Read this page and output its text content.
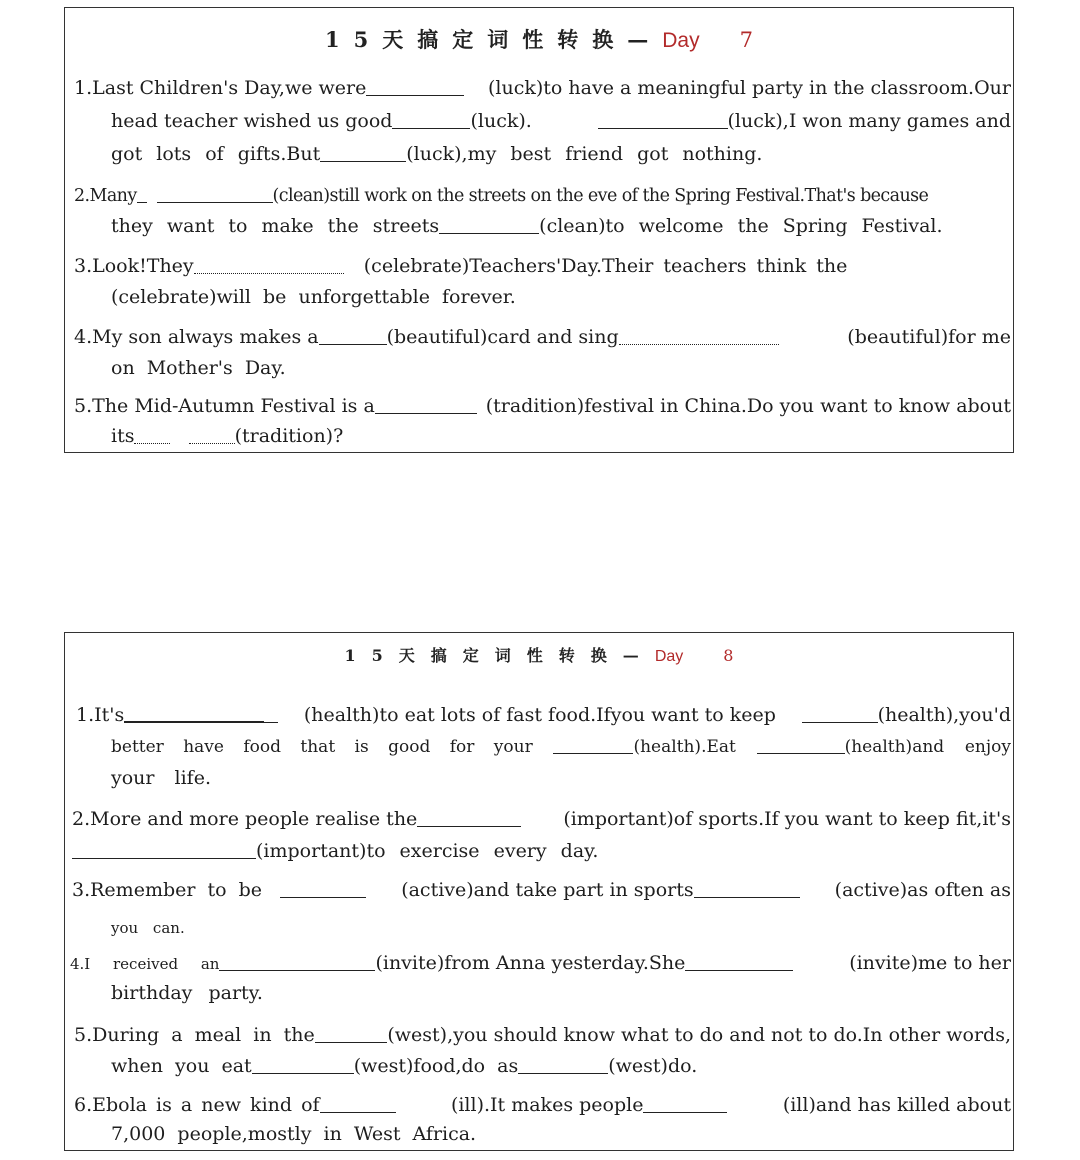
15天搞定词性转换—Day 7
1.Last Children's Day,we were	(luck)to have a meaningful party in the classroom.Our
head teacher wished us good	(luck).	(luck),I won many games and
got lots of gifts.But	(luck),my best friend got nothing.
2.Many	(clean)still work on the streets on the eve of the Spring Festival.That's because
they want to make the streets	(clean)to welcome the Spring Festival.
3.Look!They	(celebrate)Teachers'Day.Their teachers think the
(celebrate)will be unforgettable forever.
4.My son always makes a	(beautiful)card and sing	(beautiful)for me
on Mother's Day.
5.The Mid-Autumn Festival is a	(tradition)festival in China.Do you want to know about
its	(tradition)?
15天搞定词性转换—Day	8
1.It's	(health)to eat lots of fast food.Ifyou want to keep	(health),you'd
better have food that is good for your	(health).Eat	(health)and enjoy
your life.
2.More and more people realise the	(important)of sports.If you want to keep fit,it's
(important)to exercise every day.
3.Remember to be	(active)and take part in sports	(active)as often as
you can.
4.I received an	(invite)from Anna yesterday.She	(invite)me to her
birthday party.
5.During a meal in the	(west),you should know what to do and not to do.In other words,
when you eat	(west)food,do as	(west)do.
6.Ebola is a new kind of	(ill).It makes people	(ill)and has killed about
7,000 people,mostly in West Africa.
